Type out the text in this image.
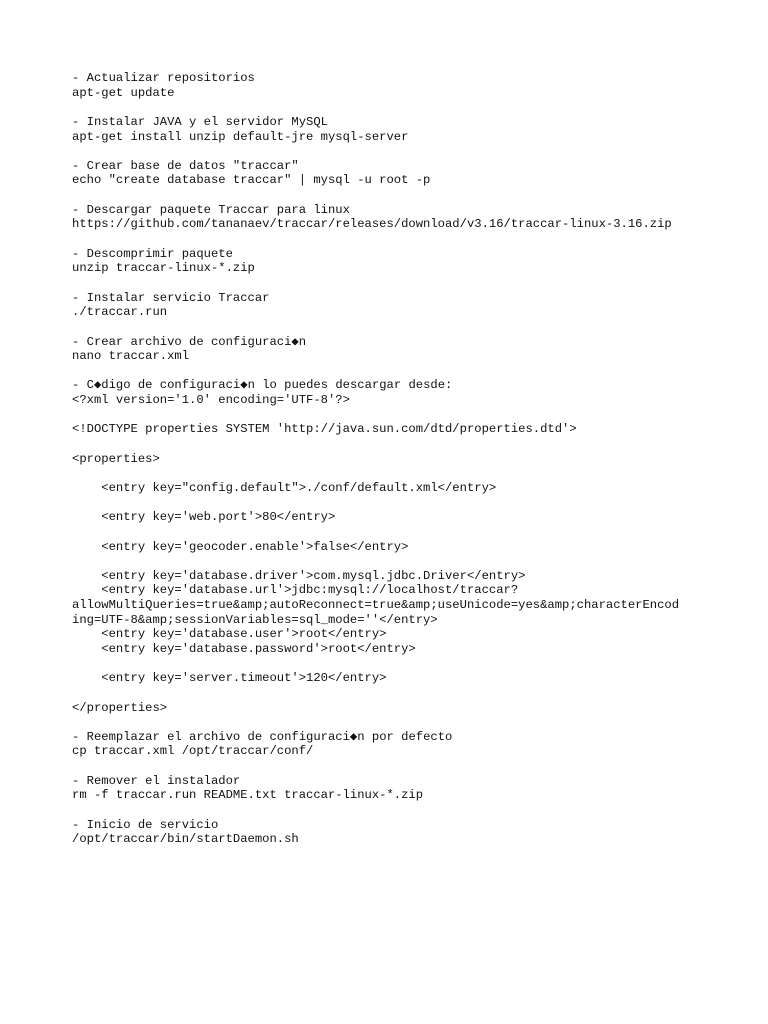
- Actualizar repositorios
apt-get update
- Instalar JAVA y el servidor MySQL
apt-get install unzip default-jre mysql-server
- Crear base de datos "traccar"
echo "create database traccar" | mysql -u root -p
- Descargar paquete Traccar para linux
https://github.com/tananaev/traccar/releases/download/v3.16/traccar-linux-3.16.zip
- Descomprimir paquete
unzip traccar-linux-*.zip
- Instalar servicio Traccar
./traccar.run
- Crear archivo de configuraci◆n
nano traccar.xml
- C◆digo de configuraci◆n lo puedes descargar desde:
<?xml version='1.0' encoding='UTF-8'?>
<!DOCTYPE properties SYSTEM 'http://java.sun.com/dtd/properties.dtd'>
<properties>
<entry key="config.default">./conf/default.xml</entry>
<entry key='web.port'>80</entry>
<entry key='geocoder.enable'>false</entry>
<entry key='database.driver'>com.mysql.jdbc.Driver</entry>
<entry key='database.url'>jdbc:mysql://localhost/traccar?
allowMultiQueries=true&amp;autoReconnect=true&amp;useUnicode=yes&amp;characterEncod
ing=UTF-8&amp;sessionVariables=sql_mode=''</entry>
<entry key='database.user'>root</entry>
<entry key='database.password'>root</entry>
<entry key='server.timeout'>120</entry>
</properties>
- Reemplazar el archivo de configuraci◆n por defecto
cp traccar.xml /opt/traccar/conf/
- Remover el instalador
rm -f traccar.run README.txt traccar-linux-*.zip
- Inicio de servicio
/opt/traccar/bin/startDaemon.sh
